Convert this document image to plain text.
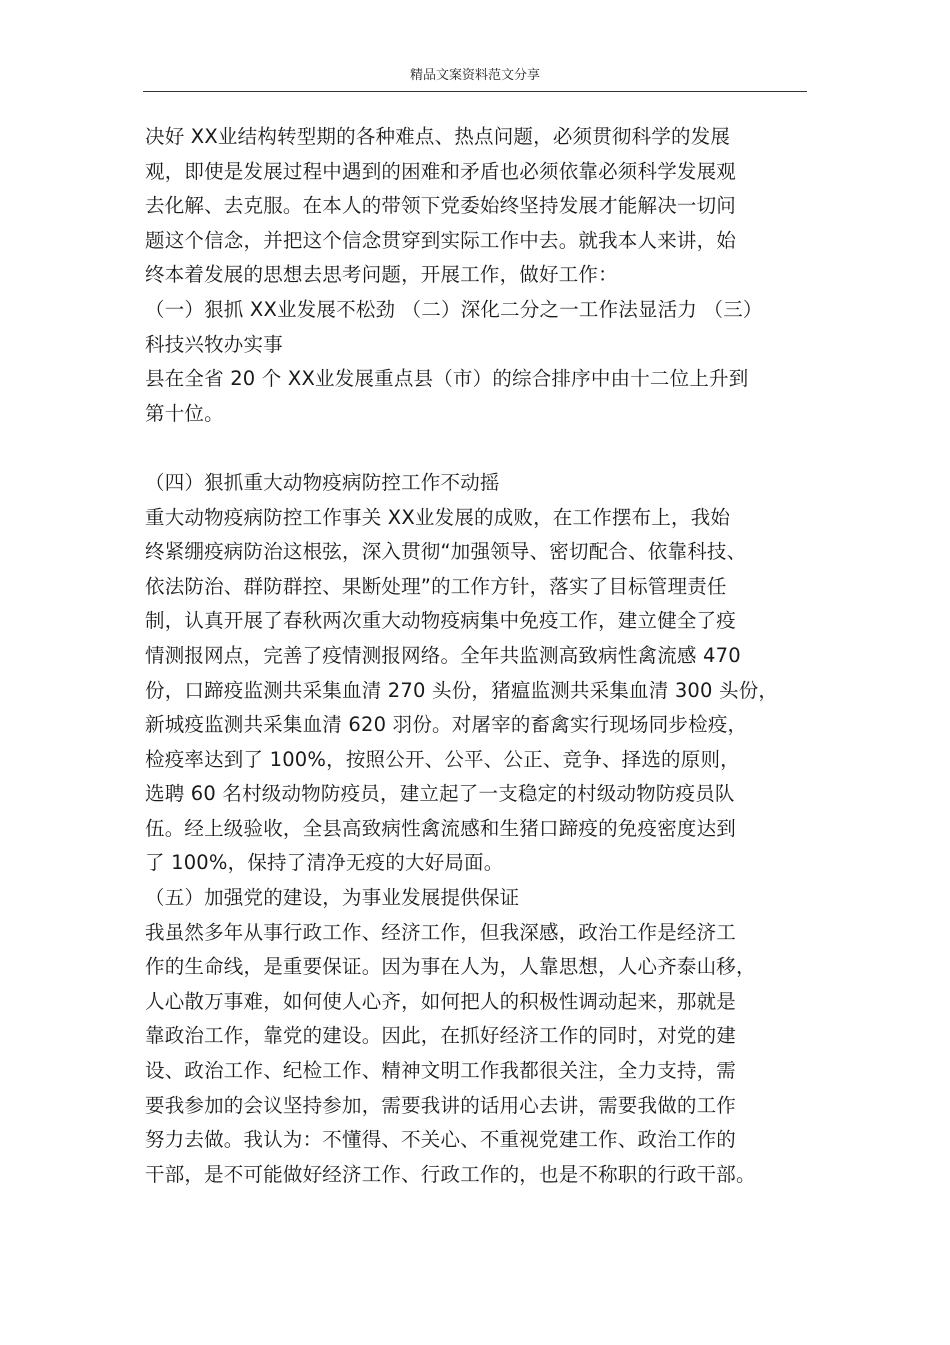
精品文案资料范文分享
决好 XX业结构转型期的各种难点、热点问题，必须贯彻科学的发展
观，即使是发展过程中遇到的困难和矛盾也必须依靠必须科学发展观
去化解、去克服。在本人的带领下党委始终坚持发展才能解决一切问
题这个信念，并把这个信念贯穿到实际工作中去。就我本人来讲，始
终本着发展的思想去思考问题，开展工作，做好工作：
（一）狠抓 XX业发展不松劲 （二）深化二分之一工作法显活力 （三）
科技兴牧办实事
县在全省 20 个 XX业发展重点县（市）的综合排序中由十二位上升到
第十位。
（四）狠抓重大动物疫病防控工作不动摇
重大动物疫病防控工作事关 XX业发展的成败，在工作摆布上，我始
终紧绷疫病防治这根弦，深入贯彻“加强领导、密切配合、依靠科技、
依法防治、群防群控、果断处理”的工作方针，落实了目标管理责任
制，认真开展了春秋两次重大动物疫病集中免疫工作，建立健全了疫
情测报网点，完善了疫情测报网络。全年共监测高致病性禽流感 470
份，口蹄疫监测共采集血清 270 头份，猪瘟监测共采集血清 300 头份，
新城疫监测共采集血清 620 羽份。对屠宰的畜禽实行现场同步检疫，
检疫率达到了 100%，按照公开、公平、公正、竞争、择选的原则，
选聘 60 名村级动物防疫员，建立起了一支稳定的村级动物防疫员队
伍。经上级验收，全县高致病性禽流感和生猪口蹄疫的免疫密度达到
了 100%，保持了清净无疫的大好局面。
（五）加强党的建设，为事业发展提供保证
我虽然多年从事行政工作、经济工作，但我深感，政治工作是经济工
作的生命线，是重要保证。因为事在人为，人靠思想，人心齐泰山移，
人心散万事难，如何使人心齐，如何把人的积极性调动起来，那就是
靠政治工作，靠党的建设。因此，在抓好经济工作的同时，对党的建
设、政治工作、纪检工作、精神文明工作我都很关注，全力支持，需
要我参加的会议坚持参加，需要我讲的话用心去讲，需要我做的工作
努力去做。我认为：不懂得、不关心、不重视党建工作、政治工作的
干部，是不可能做好经济工作、行政工作的，也是不称职的行政干部。
